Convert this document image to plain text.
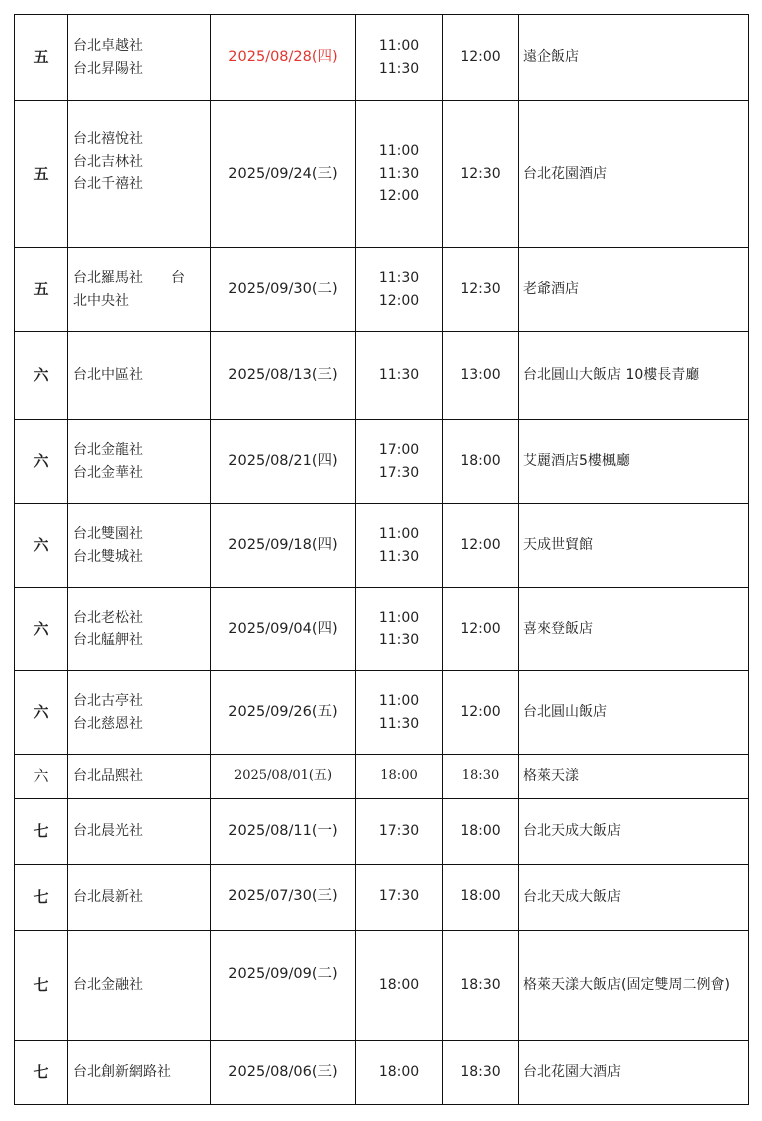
五	台北卓越社
台北昇陽社	2025/08/28(四)	11:00
11:30	12:00	遠企飯店
五	台北禧悅社
台北吉林社
台北千禧社	2025/09/24(三)	11:00
11:30
12:00	12:30	台北花園酒店
五	台北羅馬社　　台
北中央社	2025/09/30(二)	11:30
12:00	12:30	老爺酒店
六	台北中區社	2025/08/13(三)	11:30	13:00	台北圓山大飯店 10樓長青廳
六	台北金龍社
台北金華社	2025/08/21(四)	17:00
17:30	18:00	艾麗酒店5樓楓廳
六	台北雙園社
台北雙城社	2025/09/18(四)	11:00
11:30	12:00	天成世貿館
六	台北老松社
台北艋舺社	2025/09/04(四)	11:00
11:30	12:00	喜來登飯店
六	台北古亭社
台北慈恩社	2025/09/26(五)	11:00
11:30	12:00	台北圓山飯店
六	台北品熙社	2025/08/01(五)	18:00	18:30	格萊天漾
七	台北晨光社	2025/08/11(一)	17:30	18:00	台北天成大飯店
七	台北晨新社	2025/07/30(三)	17:30	18:00	台北天成大飯店
七	台北金融社	2025/09/09(二)	18:00	18:30	格萊天漾大飯店(固定雙周二例會)
七	台北創新網路社	2025/08/06(三)	18:00	18:30	台北花園大酒店
